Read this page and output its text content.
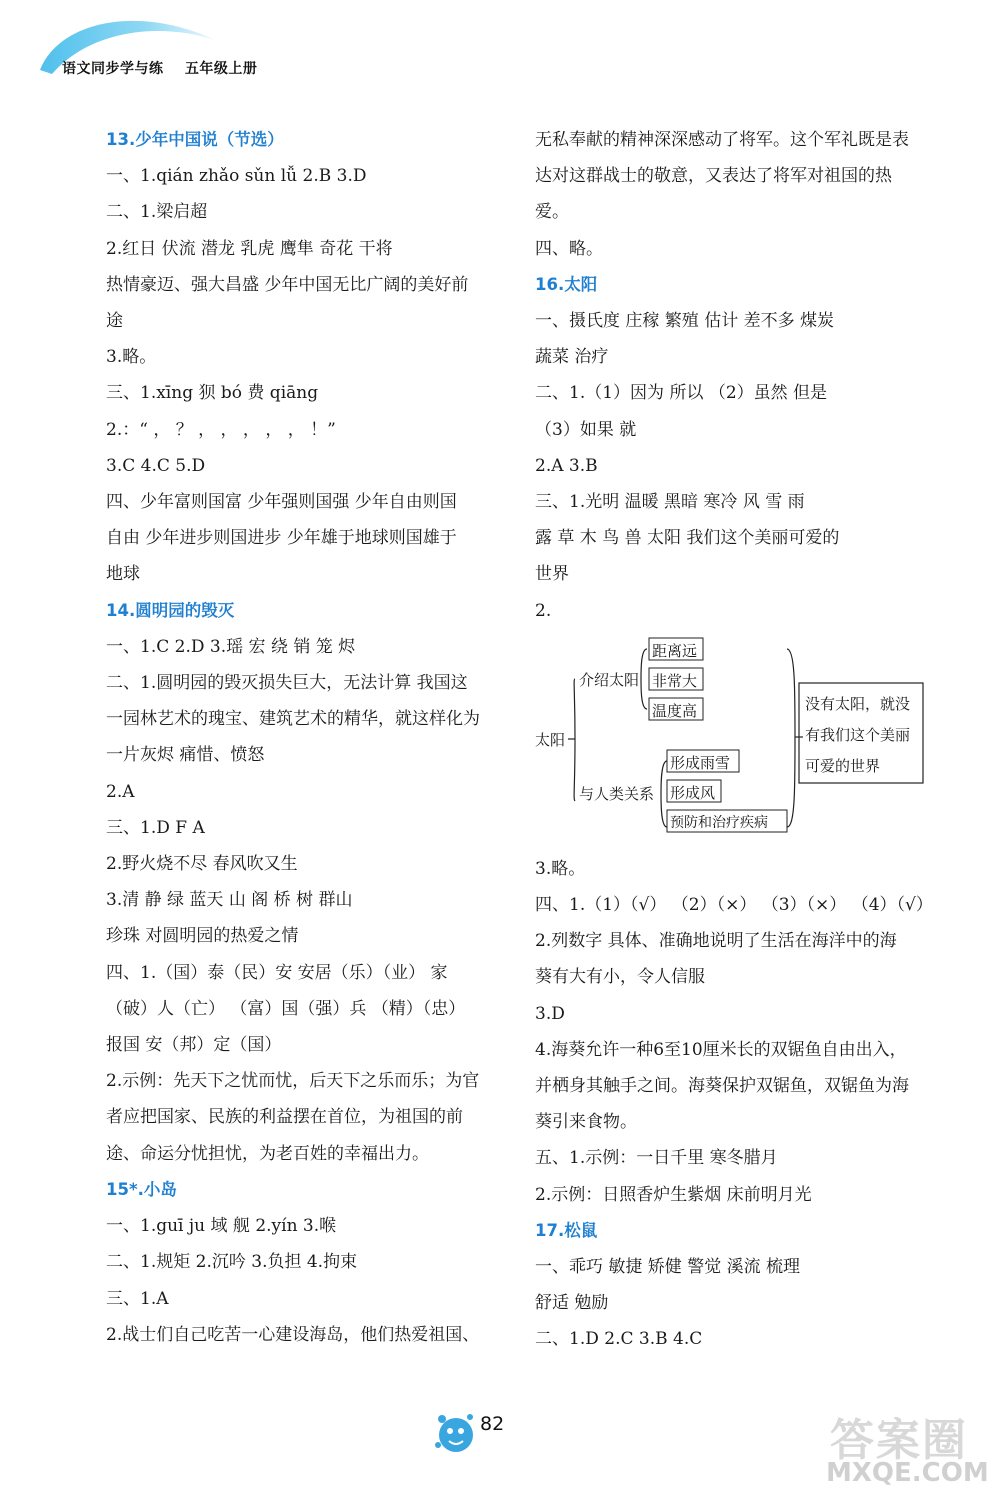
语文同步学与练 五年级上册
13.少年中国说（节选）
一、1.qián zhǎo sǔn lǚ 2.B 3.D
二、1.梁启超
2.红日 伏流 潜龙 乳虎 鹰隼 奇花 干将
热情豪迈、强大昌盛 少年中国无比广阔的美好前
途
3.略。
三、1.xīng 狈 bó 费 qiāng
2.：“ ， ？ ， ， ， ， ， ！”
3.C 4.C 5.D
四、少年富则国富 少年强则国强 少年自由则国
自由 少年进步则国进步 少年雄于地球则国雄于
地球
14.圆明园的毁灭
一、1.C 2.D 3.瑶 宏 绕 销 笼 烬
二、1.圆明园的毁灭损失巨大，无法计算 我国这
一园林艺术的瑰宝、建筑艺术的精华，就这样化为
一片灰烬 痛惜、愤怒
2.A
三、1.D F A
2.野火烧不尽 春风吹又生
3.清 静 绿 蓝天 山 阁 桥 树 群山
珍珠 对圆明园的热爱之情
四、1.（国）泰（民）安 安居（乐）（业） 家
（破）人（亡） （富）国（强）兵 （精）（忠）
报国 安（邦）定（国）
2.示例：先天下之忧而忧，后天下之乐而乐；为官
者应把国家、民族的利益摆在首位，为祖国的前
途、命运分忧担忧，为老百姓的幸福出力。
15*.小岛
一、1.guī ju 域 舰 2.yín 3.喉
二、1.规矩 2.沉吟 3.负担 4.拘束
三、1.A
2.战士们自己吃苦一心建设海岛，他们热爱祖国、
无私奉献的精神深深感动了将军。这个军礼既是表
达对这群战士的敬意，又表达了将军对祖国的热
爱。
四、略。
16.太阳
一、摄氏度 庄稼 繁殖 估计 差不多 煤炭
蔬菜 治疗
二、1.（1）因为 所以 （2）虽然 但是
（3）如果 就
2.A 3.B
三、1.光明 温暖 黑暗 寒冷 风 雪 雨
露 草 木 鸟 兽 太阳 我们这个美丽可爱的
世界
2.
太阳
介绍太阳
与人类关系
距离远
非常大
温度高
形成雨雪
形成风
预防和治疗疾病
没有太阳，就没
有我们这个美丽
可爱的世界
3.略。
四、1.（1）（√） （2）（×） （3）（×） （4）（√）
2.列数字 具体、准确地说明了生活在海洋中的海
葵有大有小，令人信服
3.D
4.海葵允许一种6至10厘米长的双锯鱼自由出入，
并栖身其触手之间。海葵保护双锯鱼，双锯鱼为海
葵引来食物。
五、1.示例：一日千里 寒冬腊月
2.示例：日照香炉生紫烟 床前明月光
17.松鼠
一、乖巧 敏捷 矫健 警觉 溪流 梳理
舒适 勉励
二、1.D 2.C 3.B 4.C
82	答案圈
MXQE.COM
